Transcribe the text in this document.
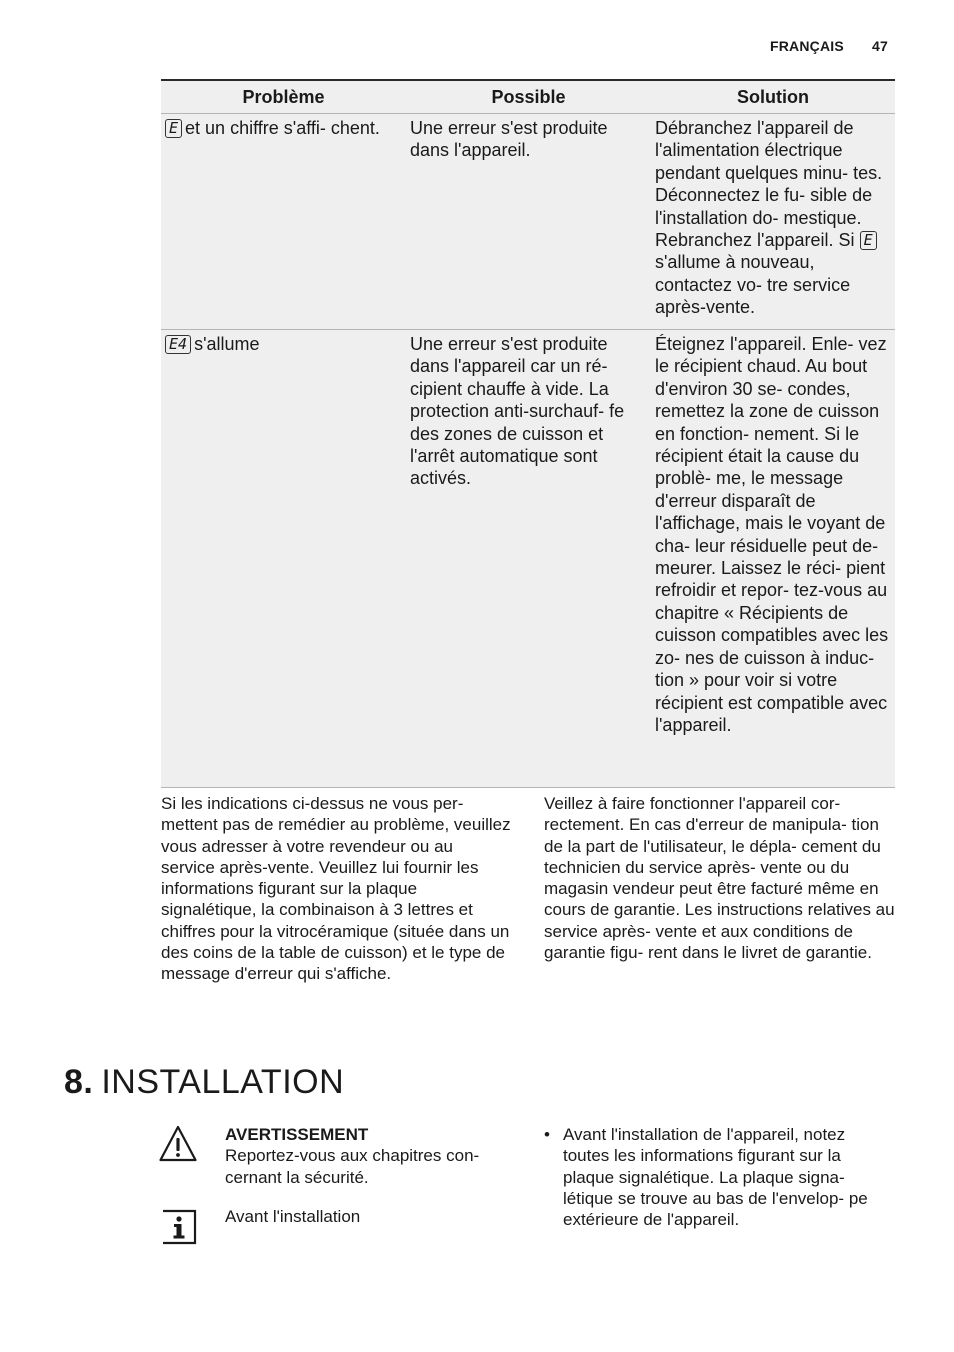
FRANÇAIS 47
Problème	Possible	Solution
E et un chiffre s'affi- chent.	Une erreur s'est produite dans l'appareil.	Débranchez l'appareil de l'alimentation électrique pendant quelques minu- tes. Déconnectez le fu- sible de l'installation do- mestique. Rebranchez l'appareil. Si Es'allume à nouveau, contactez vo- tre service après-vente.
E4 s'allume	Une erreur s'est produite dans l'appareil car un ré- cipient chauffe à vide. La protection anti-surchauf- fe des zones de cuisson et l'arrêt automatique sont activés.	Éteignez l'appareil. Enle- vez le récipient chaud. Au bout d'environ 30 se- condes, remettez la zone de cuisson en fonction- nement. Si le récipient était la cause du problè- me, le message d'erreur disparaît de l'affichage, mais le voyant de cha- leur résiduelle peut de- meurer. Laissez le réci- pient refroidir et repor- tez-vous au chapitre « Récipients de cuisson compatibles avec les zo- nes de cuisson à induc- tion » pour voir si votre récipient est compatible avec l'appareil.
Si les indications ci-dessus ne vous per- mettent pas de remédier au problème, veuillez vous adresser à votre revendeur ou au service après-vente. Veuillez lui fournir les informations figurant sur la plaque signalétique, la combinaison à 3 lettres et chiffres pour la vitrocéramique (située dans un des coins de la table de cuisson) et le type de message d'erreur qui s'affiche.
Veillez à faire fonctionner l'appareil cor- rectement. En cas d'erreur de manipula- tion de la part de l'utilisateur, le dépla- cement du technicien du service après- vente ou du magasin vendeur peut être facturé même en cours de garantie. Les instructions relatives au service après- vente et aux conditions de garantie figu- rent dans le livret de garantie.
8. INSTALLATION
AVERTISSEMENT
Reportez-vous aux chapitres con- cernant la sécurité.
Avant l'installation
• Avant l'installation de l'appareil, notez toutes les informations figurant sur la plaque signalétique. La plaque signa- létique se trouve au bas de l'envelop- pe extérieure de l'appareil.
